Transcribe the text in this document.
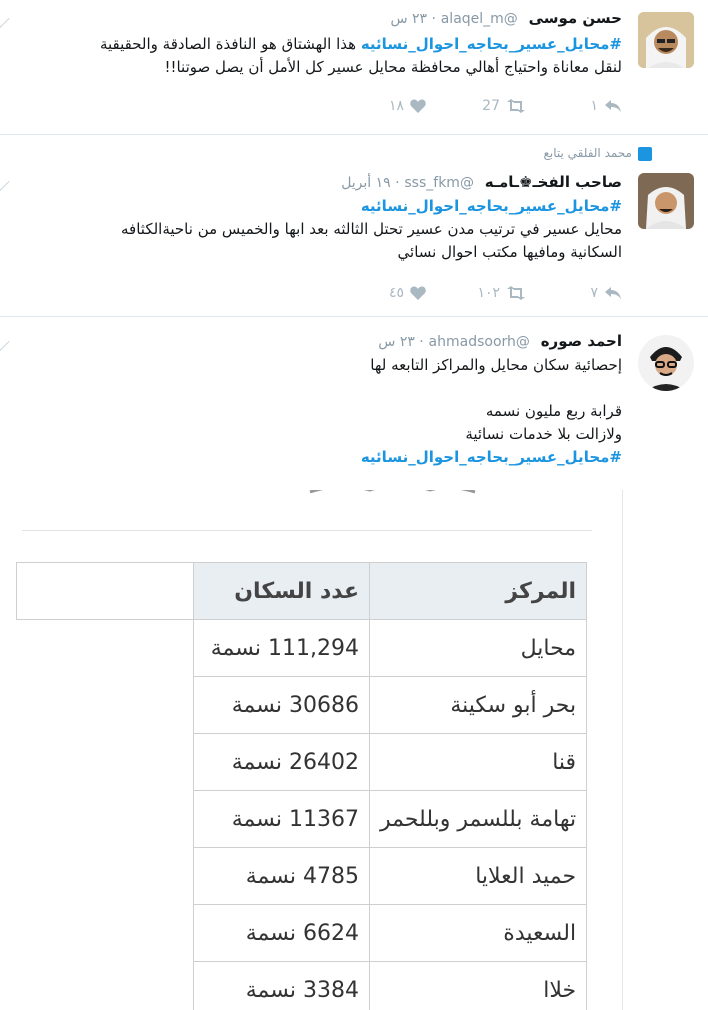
حسن موسى @alaqel_m · ٢٣ س
#محايل_عسير_بحاجه_احوال_نسائيه هذا الهشتاق هو النافذة الصادقة والحقيقية
لنقل معاناة واحتياج أهالي محافظة محايل عسير كل الأمل أن يصل صوتنا!!
١
27
١٨
محمد الفلقي يتابع
صاحب الفخـ♚ـامـه @sss_fkm · ١٩ أبريل
#محايل_عسير_بحاجه_احوال_نسائيه
محايل عسير في ترتيب مدن عسير تحتل الثالثه بعد ابها والخميس من ناحيةالكثافه
السكانية ومافيها مكتب احوال نسائي
٧
١٠٢
٤٥
احمد صوره @ahmadsoorh · ٢٣ س
إحصائية سكان محايل والمراكز التابعه لها
قرابة ربع مليون نسمه
ولازالت بلا خدمات نسائية
#محايل_عسير_بحاجه_احوال_نسائيه
المركز	عدد السكان	
محايل	111,294 نسمة	
بحر أبو سكينة	30686 نسمة	
قنا	26402 نسمة	
تهامة بللسمر وبللحمر	11367 نسمة	
حميد العلايا	4785 نسمة	
السعيدة	6624 نسمة	
خلاا	3384 نسمة	
